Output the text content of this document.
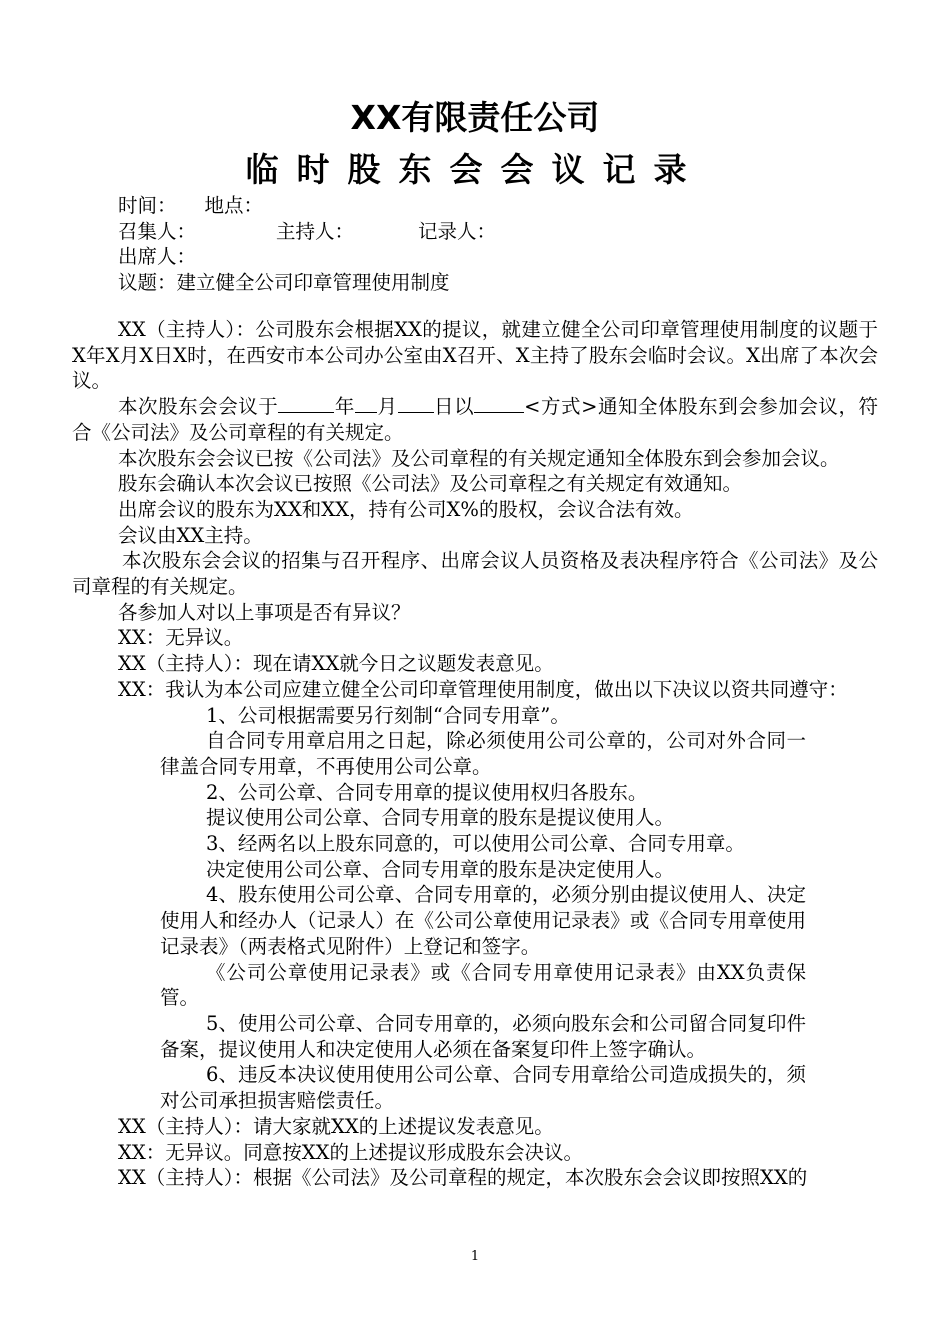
XX有限责任公司
临时股东会会议记录
时间： 地点：
召集人：	主持人：	记录人：
出席人：
议题：建立健全公司印章管理使用制度

XX（主持人）：公司股东会根据XX的提议，就建立健全公司印章管理使用制度的议题于X年X月X日X时，在西安市本公司办公室由X召开、X主持了股东会临时会议。X出席了本次会议。

本次股东会会议于	年 月 日以	<方式>通知全体股东到会参加会议，符合《公司法》及公司章程的有关规定。

本次股东会会议已按《公司法》及公司章程的有关规定通知全体股东到会参加会议。

股东会确认本次会议已按照《公司法》及公司章程之有关规定有效通知。

出席会议的股东为XX和XX，持有公司X%的股权，会议合法有效。

会议由XX主持。

本次股东会会议的招集与召开程序、出席会议人员资格及表决程序符合《公司法》及公司章程的有关规定。

各参加人对以上事项是否有异议？

XX：无异议。

XX（主持人）：现在请XX就今日之议题发表意见。

XX：我认为本公司应建立健全公司印章管理使用制度，做出以下决议以资共同遵守：

1、公司根据需要另行刻制“合同专用章”。

自合同专用章启用之日起，除必须使用公司公章的，公司对外合同一律盖合同专用章，不再使用公司公章。

2、公司公章、合同专用章的提议使用权归各股东。

提议使用公司公章、合同专用章的股东是提议使用人。

3、经两名以上股东同意的，可以使用公司公章、合同专用章。

决定使用公司公章、合同专用章的股东是决定使用人。

4、股东使用公司公章、合同专用章的，必须分别由提议使用人、决定使用人和经办人（记录人）在《公司公章使用记录表》或《合同专用章使用记录表》（两表格式见附件）上登记和签字。

《公司公章使用记录表》或《合同专用章使用记录表》由XX负责保管。

5、使用公司公章、合同专用章的，必须向股东会和公司留合同复印件备案，提议使用人和决定使用人必须在备案复印件上签字确认。

6、违反本决议使用使用公司公章、合同专用章给公司造成损失的，须对公司承担损害赔偿责任。

XX（主持人）：请大家就XX的上述提议发表意见。

XX：无异议。同意按XX的上述提议形成股东会决议。

XX（主持人）：根据《公司法》及公司章程的规定，本次股东会会议即按照XX的

1
